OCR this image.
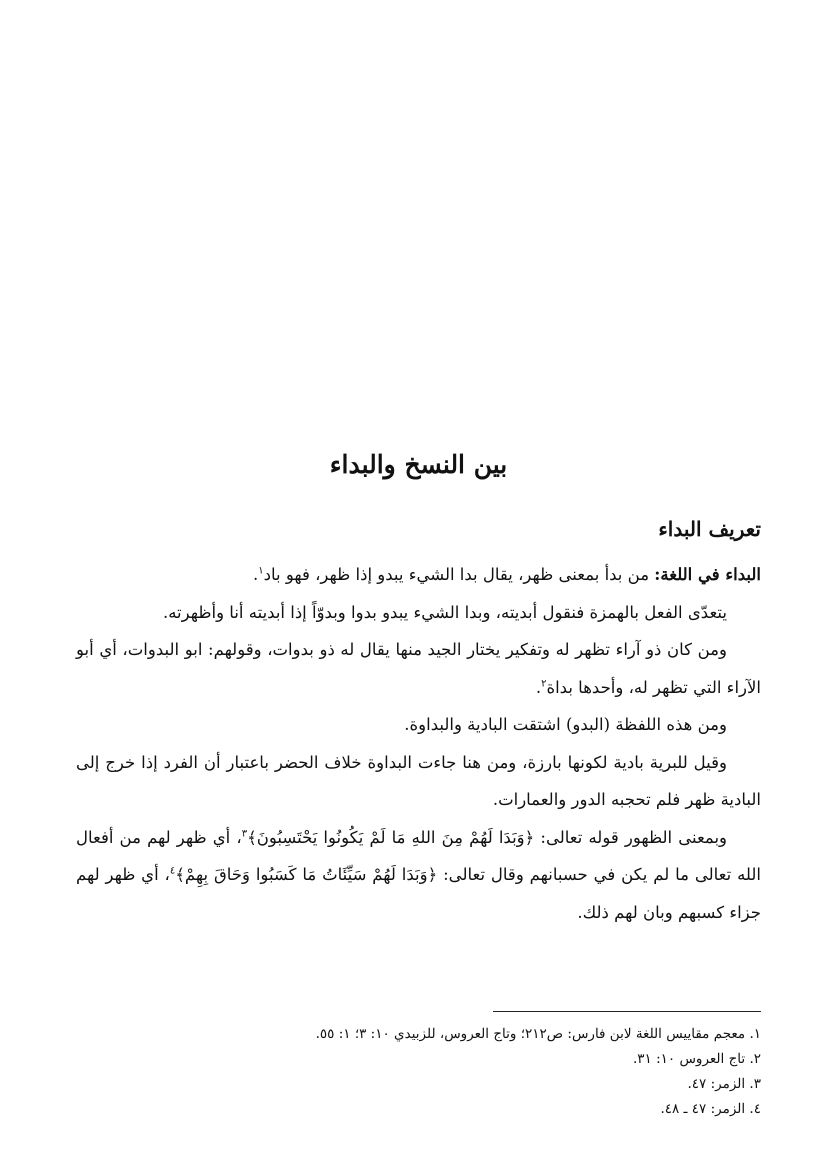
بين النسخ والبداء
تعريف البداء

البداء في اللغة: من بدأ بمعنى ظهر، يقال بدا الشيء يبدو إذا ظهر، فهو باد$^١$.

يتعدّى الفعل بالهمزة فنقول أبديته، وبدا الشيء يبدو بدوا وبدوّاً إذا أبديته أنا وأظهرته.

ومن كان ذو آراء تظهر له وتفكير يختار الجيد منها يقال له ذو بدوات، وقولهم: ابو البدوات، أي أبو الآراء التي تظهر له، وأحدها بداة$^٢$.

ومن هذه اللفظة (البدو) اشتقت البادية والبداوة.

وقيل للبرية بادية لكونها بارزة، ومن هنا جاءت البداوة خلاف الحضر باعتبار أن الفرد إذا خرج إلى البادية ظهر فلم تحجبه الدور والعمارات.

وبمعنى الظهور قوله تعالى: ﴿وَبَدَا لَهُمْ مِنَ اللهِ مَا لَمْ يَكُونُوا يَحْتَسِبُونَ﴾$^٣$، أي ظهر لهم من أفعال الله تعالى ما لم يكن في حسبانهم وقال تعالى: ﴿وَبَدَا لَهُمْ سَيِّئَاتُ مَا كَسَبُوا وَحَاقَ بِهِمْ﴾$^٤$، أي ظهر لهم جزاء كسبهم وبان لهم ذلك.

١. معجم مقاييس اللغة لابن فارس: ص٢١٢؛ وتاج العروس، للزبيدي ١٠: ٣؛ ١: ٥٥.
٢. تاج العروس ١٠: ٣١.
٣. الزمر: ٤٧.
٤. الزمر: ٤٧ ـ ٤٨.
